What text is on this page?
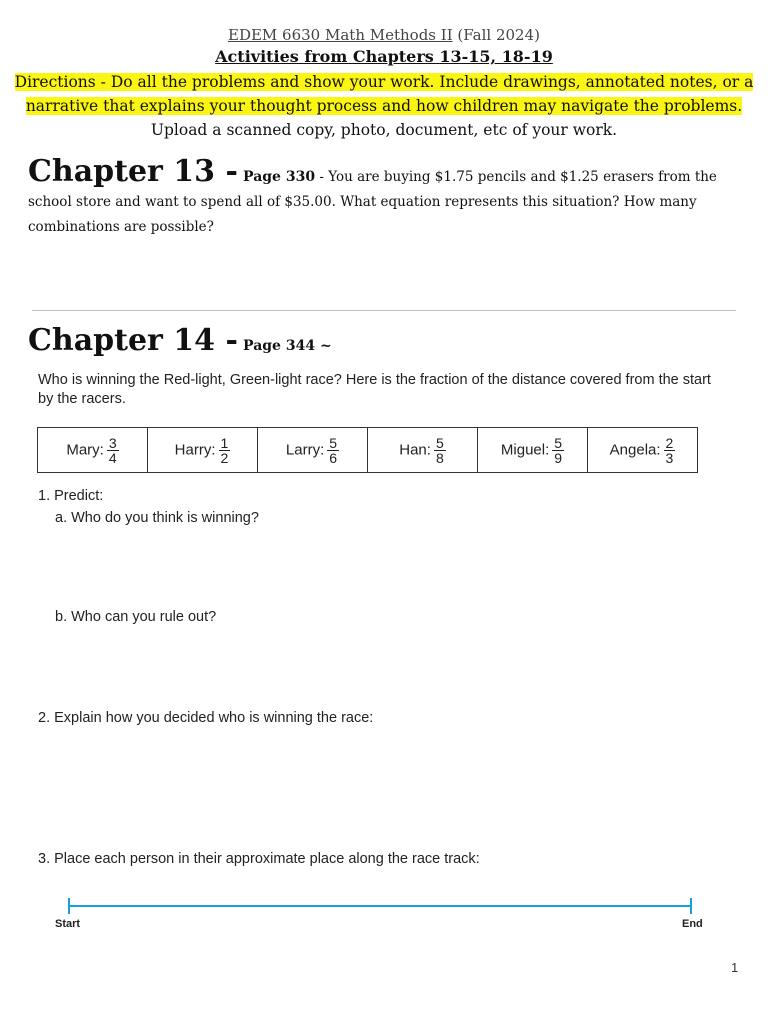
EDEM 6630 Math Methods II (Fall 2024)
Activities from Chapters 13-15, 18-19
Directions - Do all the problems and show your work. Include drawings, annotated notes, or a narrative that explains your thought process and how children may navigate the problems. Upload a scanned copy, photo, document, etc of your work.
Chapter 13 - Page 330 - You are buying $1.75 pencils and $1.25 erasers from the school store and want to spend all of $35.00. What equation represents this situation? How many combinations are possible?
Chapter 14 - Page 344 ~
Who is winning the Red-light, Green-light race? Here is the fraction of the distance covered from the start by the racers.
Mary: $\frac{3}{4}$	Harry: $\frac{1}{2}$	Larry: $\frac{5}{6}$	Han: $\frac{5}{8}$	Miguel: $\frac{5}{9}$	Angela: $\frac{2}{3}$
1. Predict:
a. Who do you think is winning?
b. Who can you rule out?
2. Explain how you decided who is winning the race:
3. Place each person in their approximate place along the race track:
Start	End
1
